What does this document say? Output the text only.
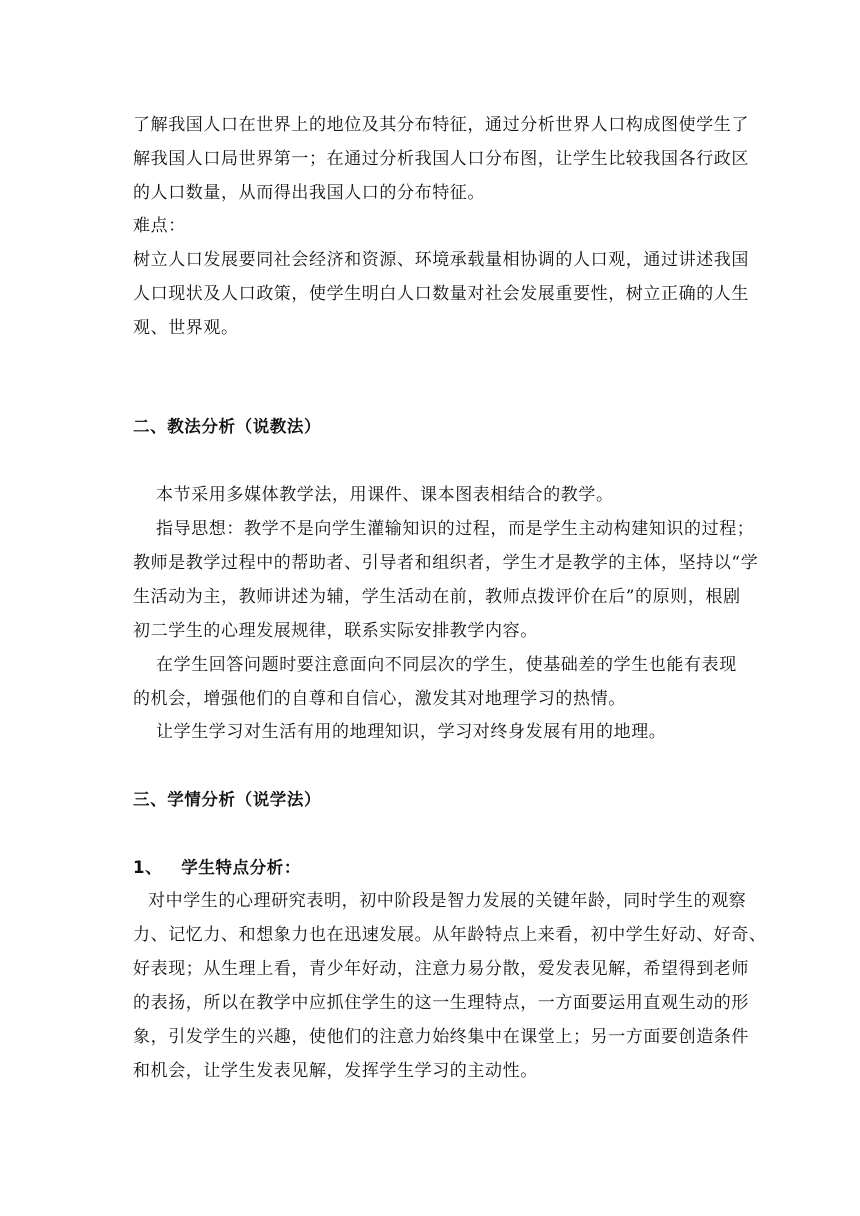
了解我国人口在世界上的地位及其分布特征，通过分析世界人口构成图使学生了
解我国人口局世界第一；在通过分析我国人口分布图，让学生比较我国各行政区
的人口数量，从而得出我国人口的分布特征。
难点：
树立人口发展要同社会经济和资源、环境承载量相协调的人口观，通过讲述我国
人口现状及人口政策，使学生明白人口数量对社会发展重要性，树立正确的人生
观、世界观。
二、教法分析（说教法）
本节采用多媒体教学法，用课件、课本图表相结合的教学。
指导思想：教学不是向学生灌输知识的过程，而是学生主动构建知识的过程；
教师是教学过程中的帮助者、引导者和组织者，学生才是教学的主体，坚持以“学
生活动为主，教师讲述为辅，学生活动在前，教师点拨评价在后”的原则，根剧
初二学生的心理发展规律，联系实际安排教学内容。
在学生回答问题时要注意面向不同层次的学生，使基础差的学生也能有表现
的机会，增强他们的自尊和自信心，激发其对地理学习的热情。
让学生学习对生活有用的地理知识，学习对终身发展有用的地理。
三、学情分析（说学法）
1、   学生特点分析：
对中学生的心理研究表明，初中阶段是智力发展的关键年龄，同时学生的观察
力、记忆力、和想象力也在迅速发展。从年龄特点上来看，初中学生好动、好奇、
好表现；从生理上看，青少年好动，注意力易分散，爱发表见解，希望得到老师
的表扬，所以在教学中应抓住学生的这一生理特点，一方面要运用直观生动的形
象，引发学生的兴趣，使他们的注意力始终集中在课堂上；另一方面要创造条件
和机会，让学生发表见解，发挥学生学习的主动性。
